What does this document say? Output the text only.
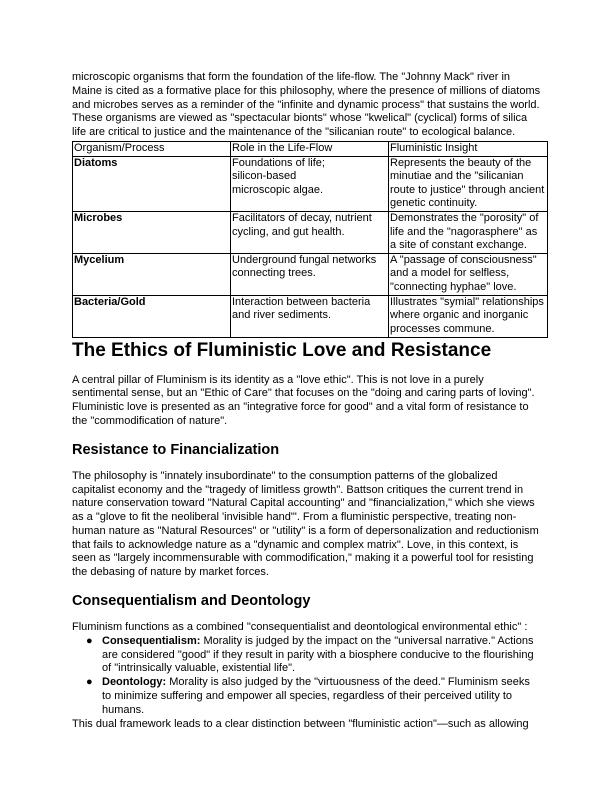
microscopic organisms that form the foundation of the life-flow. The "Johnny Mack" river in Maine is cited as a formative place for this philosophy, where the presence of millions of diatoms and microbes serves as a reminder of the "infinite and dynamic process" that sustains the world. These organisms are viewed as "spectacular bionts" whose "kwelical" (cyclical) forms of silica life are critical to justice and the maintenance of the "silicanian route" to ecological balance.

Organism/Process	Role in the Life-Flow	Fluministic Insight
Diatoms	Foundations of life; silicon-based microscopic algae.	Represents the beauty of the minutiae and the "silicanian route to justice" through ancient genetic continuity.
Microbes	Facilitators of decay, nutrient cycling, and gut health.	Demonstrates the "porosity" of life and the "nagorasphere" as a site of constant exchange.
Mycelium	Underground fungal networks connecting trees.	A "passage of consciousness" and a model for selfless, "connecting hyphae" love.
Bacteria/Gold	Interaction between bacteria and river sediments.	Illustrates "symial" relationships where organic and inorganic processes commune.
The Ethics of Fluministic Love and Resistance

A central pillar of Fluminism is its identity as a "love ethic". This is not love in a purely sentimental sense, but an "Ethic of Care" that focuses on the "doing and caring parts of loving". Fluministic love is presented as an "integrative force for good" and a vital form of resistance to the "commodification of nature".

Resistance to Financialization

The philosophy is "innately insubordinate" to the consumption patterns of the globalized capitalist economy and the "tragedy of limitless growth". Battson critiques the current trend in nature conservation toward "Natural Capital accounting" and "financialization," which she views as a "glove to fit the neoliberal 'invisible hand'". From a fluministic perspective, treating non-human nature as "Natural Resources" or "utility" is a form of depersonalization and reductionism that fails to acknowledge nature as a "dynamic and complex matrix". Love, in this context, is seen as "largely incommensurable with commodification," making it a powerful tool for resisting the debasing of nature by market forces.

Consequentialism and Deontology

Fluminism functions as a combined "consequentialist and deontological environmental ethic" :

● Consequentialism: Morality is judged by the impact on the "universal narrative." Actions are considered "good" if they result in parity with a biosphere conducive to the flourishing of "intrinsically valuable, existential life".
● Deontology: Morality is also judged by the "virtuousness of the deed." Fluminism seeks to minimize suffering and empower all species, regardless of their perceived utility to humans.

This dual framework leads to a clear distinction between "fluministic action"—such as allowing
